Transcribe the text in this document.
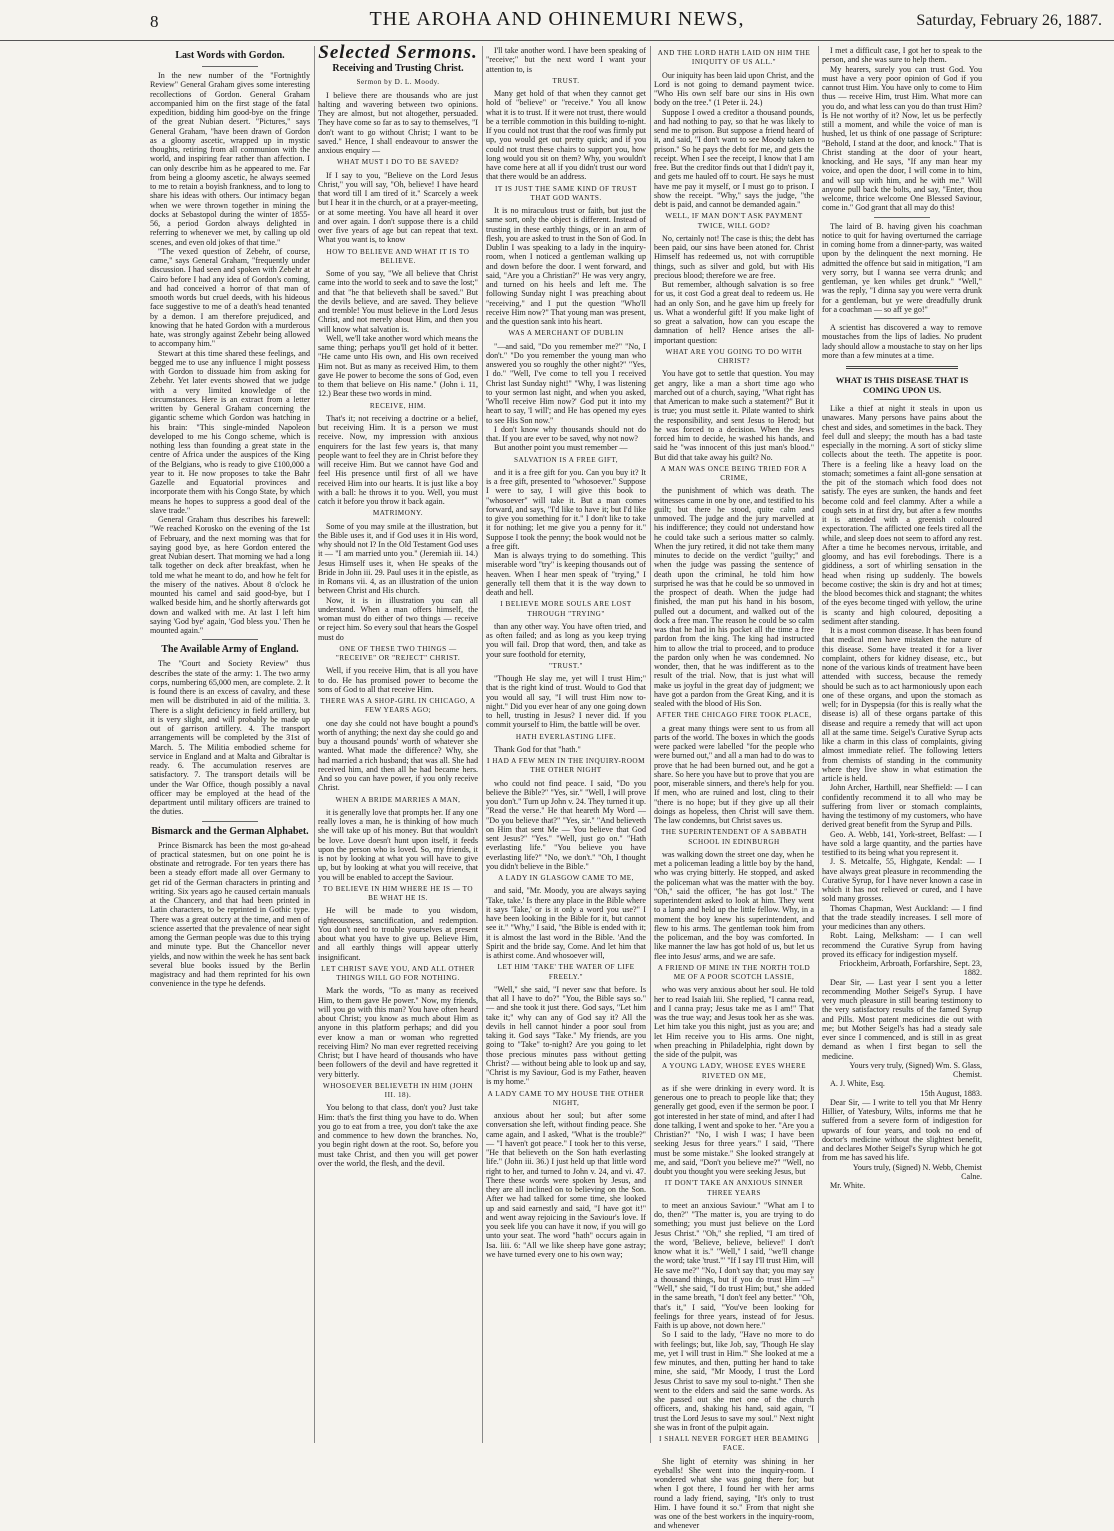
8	THE AROHA AND OHINEMURI NEWS,	Saturday, February 26, 1887.

Last Words with Gordon.

In the new number of the "Fortnightly Review" General Graham gives some interesting recollections of Gordon. General Graham accompanied him on the first stage of the fatal expedition, bidding him good-bye on the fringe of the great Nubian desert. "Pictures," says General Graham, "have been drawn of Gordon as a gloomy ascetic, wrapped up in mystic thoughts, retiring from all communion with the world, and inspiring fear rather than affection. I can only describe him as he appeared to me. Far from being a gloomy ascetic, he always seemed to me to retain a boyish frankness, and to long to share his ideas with others. Our intimacy began when we were thrown together in mining the docks at Sebastopol during the winter of 1855-56, a period Gordon always delighted in referring to whenever we met, by calling up old scenes, and even old jokes of that time."

"The vexed question of Zebehr, of course, came," says General Graham, "frequently under discussion. I had seen and spoken with Zebehr at Cairo before I had any idea of Gordon's coming, and had conceived a horror of that man of smooth words but cruel deeds, with his hideous face suggestive to me of a death's head tenanted by a demon. I am therefore prejudiced, and knowing that he hated Gordon with a murderous hate, was strongly against Zebehr being allowed to accompany him."

Stewart at this time shared these feelings, and begged me to use any influence I might possess with Gordon to dissuade him from asking for Zebehr. Yet later events showed that we judge with a very limited knowledge of the circumstances. Here is an extract from a letter written by General Graham concerning the gigantic scheme which Gordon was hatching in his brain: "This single-minded Napoleon developed to me his Congo scheme, which is nothing less than founding a great state in the centre of Africa under the auspices of the King of the Belgians, who is ready to give £100,000 a year to it. He now proposes to take the Bahr Gazelle and Equatorial provinces and incorporate them with his Congo State, by which means he hopes to suppress a good deal of the slave trade."

General Graham thus describes his farewell: "We reached Korosko on the evening of the 1st of February, and the next morning was that for saying good bye, as here Gordon entered the great Nubian desert. That morning we had a long talk together on deck after breakfast, when he told me what he meant to do, and how he felt for the misery of the natives. About 8 o'clock he mounted his camel and said good-bye, but I walked beside him, and he shortly afterwards got down and walked with me. At last I left him saying 'God bye' again, 'God bless you.' Then he mounted again."

The Available Army of England.

The "Court and Society Review" thus describes the state of the army: 1. The two army corps, numbering 65,000 men, are complete. 2. It is found there is an excess of cavalry, and these men will be distributed in aid of the militia. 3. There is a slight deficiency in field artillery, but it is very slight, and will probably be made up out of garrison artillery. 4. The transport arrangements will be completed by the 31st of March. 5. The Militia embodied scheme for service in England and at Malta and Gibraltar is ready. 6. The accumulation reserves are satisfactory. 7. The transport details will be under the War Office, though possibly a naval officer may be employed at the head of the department until military officers are trained to the duties.

Bismarck and the German Alphabet.

Prince Bismarck has been the most go-ahead of practical statesmen, but on one point he is obstinate and retrograde. For ten years there has been a steady effort made all over Germany to get rid of the German characters in printing and writing. Six years ago he caused certain manuals at the Chancery, and that had been printed in Latin characters, to be reprinted in Gothic type. There was a great outcry at the time, and men of science asserted that the prevalence of near sight among the German people was due to this trying and minute type. But the Chancellor never yields, and now within the week he has sent back several blue books issued by the Berlin magistracy and had them reprinted for his own convenience in the type he defends.

Selected Sermons.

Receiving and Trusting Christ.

Sermon by D. L. Moody.

I believe there are thousands who are just halting and wavering between two opinions. They are almost, but not altogether, persuaded. They have come so far as to say to themselves, "I don't want to go without Christ; I want to be saved." Hence, I shall endeavour to answer the anxious enquiry —

WHAT MUST I DO TO BE SAVED?

If I say to you, "Believe on the Lord Jesus Christ," you will say, "Oh, believe! I have heard that word till I am tired of it." Scarcely a week but I hear it in the church, or at a prayer-meeting, or at some meeting. You have all heard it over and over again. I don't suppose there is a child over five years of age but can repeat that text. What you want is, to know

HOW TO BELIEVE AND WHAT IT IS TO BELIEVE.

Some of you say, "We all believe that Christ came into the world to seek and to save the lost;" and that "he that believeth shall be saved." But the devils believe, and are saved. They believe and tremble! You must believe in the Lord Jesus Christ, and not merely about Him, and then you will know what salvation is.

Well, we'll take another word which means the same thing; perhaps you'll get hold of it better. "He came unto His own, and His own received Him not. But as many as received Him, to them gave He power to become the sons of God, even to them that believe on His name." (John i. 11, 12.) Bear these two words in mind.

RECEIVE, HIM.

That's it; not receiving a doctrine or a belief, but receiving Him. It is a person we must receive. Now, my impression with anxious enquirers for the last few years is, that many people want to feel they are in Christ before they will receive Him. But we cannot have God and feel His presence until first of all we have received Him into our hearts. It is just like a boy with a ball: he throws it to you. Well, you must catch it before you throw it back again.

MATRIMONY.

Some of you may smile at the illustration, but the Bible uses it, and if God uses it in His word, why should not I? In the Old Testament God uses it — "I am married unto you." (Jeremiah iii. 14.) Jesus Himself uses it, when He speaks of the Bride in John iii. 29. Paul uses it in the epistle, as in Romans vii. 4, as an illustration of the union between Christ and His church.

Now, it is in illustration you can all understand. When a man offers himself, the woman must do either of two things — receive or reject him. So every soul that hears the Gospel must do

ONE OF THESE TWO THINGS — "RECEIVE" OR "REJECT" CHRIST.

Well, if you receive Him, that is all you have to do. He has promised power to become the sons of God to all that receive Him.

THERE WAS A SHOP-GIRL IN CHICAGO, A FEW YEARS AGO;

one day she could not have bought a pound's worth of anything; the next day she could go and buy a thousand pounds' worth of whatever she wanted. What made the difference? Why, she had married a rich husband; that was all. She had received him, and then all he had became hers. And so you can have power, if you only receive Christ.

WHEN A BRIDE MARRIES A MAN,

it is generally love that prompts her. If any one really loves a man, he is thinking of how much she will take up of his money. But that wouldn't be love. Love doesn't hunt upon itself, it feeds upon the person who is loved. So, my friends, it is not by looking at what you will have to give up, but by looking at what you will receive, that you will be enabled to accept the Saviour.

TO BELIEVE IN HIM WHERE HE IS — TO BE WHAT HE IS.

He will be made to you wisdom, righteousness, sanctification, and redemption. You don't need to trouble yourselves at present about what you have to give up. Believe Him, and all earthly things will appear utterly insignificant.

LET CHRIST SAVE YOU, AND ALL OTHER THINGS WILL GO FOR NOTHING.

Mark the words, "To as many as received Him, to them gave He power." Now, my friends, will you go with this man? You have often heard about Christ; you know as much about Him as anyone in this platform perhaps; and did you ever know a man or woman who regretted receiving Him? No man ever regretted receiving Christ; but I have heard of thousands who have been followers of the devil and have regretted it very bitterly.

WHOSOEVER BELIEVETH IN HIM (JOHN III. 18).

You belong to that class, don't you? Just take Him: that's the first thing you have to do. When you go to eat from a tree, you don't take the axe and commence to hew down the branches. No, you begin right down at the root. So, before you must take Christ, and then you will get power over the world, the flesh, and the devil.

I'll take another word. I have been speaking of "receive;" but the next word I want your attention to, is

TRUST.

Many get hold of that when they cannot get hold of "believe" or "receive." You all know what it is to trust. If it were not trust, there would be a terrible commotion in this building to-night. If you could not trust that the roof was firmly put up, you would get out pretty quick; and if you could not trust these chairs to support you, how long would you sit on them? Why, you wouldn't have come here at all if you didn't trust our word that there would be an address.

IT IS JUST THE SAME KIND OF TRUST THAT GOD WANTS.

It is no miraculous trust or faith, but just the same sort, only the object is different. Instead of trusting in these earthly things, or in an arm of flesh, you are asked to trust in the Son of God. In Dublin I was speaking to a lady in the inquiry-room, when I noticed a gentleman walking up and down before the door. I went forward, and said, "Are you a Christian?" He was very angry, and turned on his heels and left me. The following Sunday night I was preaching about "receiving," and I put the question "Who'll receive Him now?" That young man was present, and the question sank into his heart.

WAS A MERCHANT OF DUBLIN

"—and said, "Do you remember me?" "No, I don't." "Do you remember the young man who answered you so roughly the other night?" "Yes, I do." "Well, I've come to tell you I received Christ last Sunday night!" "Why, I was listening to your sermon last night, and when you asked, 'Who'll receive Him now?' God put it into my heart to say, 'I will'; and He has opened my eyes to see His Son now."

I don't know why thousands should not do that. If you are ever to be saved, why not now?

But another point you must remember —

SALVATION IS A FREE GIFT,

and it is a free gift for you. Can you buy it? It is a free gift, presented to "whosoever." Suppose I were to say, I will give this book to "whosoever" will take it. But a man comes forward, and says, "I'd like to have it; but I'd like to give you something for it." I don't like to take it for nothing; let me give you a penny for it." Suppose I took the penny; the book would not be a free gift.

Man is always trying to do something. This miserable word "try" is keeping thousands out of heaven. When I hear men speak of "trying," I generally tell them that it is the way down to death and hell.

I BELIEVE MORE SOULS ARE LOST THROUGH "TRYING"

than any other way. You have often tried, and as often failed; and as long as you keep trying you will fail. Drop that word, then, and take as your sure foothold for eternity,

"TRUST."

"Though He slay me, yet will I trust Him;" that is the right kind of trust. Would to God that you would all say, "I will trust Him now to-night." Did you ever hear of any one going down to hell, trusting in Jesus? I never did. If you commit yourself to Him, the battle will be over.

HATH EVERLASTING LIFE.

Thank God for that "hath."

I HAD A FEW MEN IN THE INQUIRY-ROOM THE OTHER NIGHT

who could not find peace. I said, "Do you believe the Bible?" "Yes, sir." "Well, I will prove you don't." Turn up John v. 24. They turned it up. "Read the verse." He that heareth My Word — "Do you believe that?" "Yes, sir." "And believeth on Him that sent Me — You believe that God sent Jesus?" "Yes." "Well, just go on." "Hath everlasting life." "You believe you have everlasting life?" "No, we don't." "Oh, I thought you didn't believe in the Bible."

A LADY IN GLASGOW CAME TO ME,

and said, "Mr. Moody, you are always saying 'Take, take.' Is there any place in the Bible where it says 'Take,' or is it only a word you use?" I have been looking in the Bible for it, but cannot see it." "Why," I said, "the Bible is ended with it; it is almost the last word in the Bible. 'And the Spirit and the bride say, Come. And let him that is athirst come. And whosoever will,

LET HIM 'TAKE' THE WATER OF LIFE FREELY."

"Well," she said, "I never saw that before. Is that all I have to do?" "You, the Bible says so." — and she took it just there. God says, "Let him take it;" why can any of God say it? All the devils in hell cannot hinder a poor soul from taking it. God says "Take." My friends, are you going to "Take" to-night? Are you going to let those precious minutes pass without getting Christ? — without being able to look up and say, "Christ is my Saviour, God is my Father, heaven is my home."

A LADY CAME TO MY HOUSE THE OTHER NIGHT,

anxious about her soul; but after some conversation she left, without finding peace. She came again, and I asked, "What is the trouble?" — "I haven't got peace." I took her to this verse, "He that believeth on the Son hath everlasting life." (John iii. 36.) I just held up that little word right to her, and turned to John v. 24, and vi. 47. There these words were spoken by Jesus, and they are all inclined on to believing on the Son. After we had talked for some time, she looked up and said earnestly and said, "I have got it!" and went away rejoicing in the Saviour's love. If you seek life you can have it now, if you will go unto your seat. The word "hath" occurs again in Isa. liii. 6: "All we like sheep have gone astray; we have turned every one to his own way;

AND THE LORD HATH LAID ON HIM THE INIQUITY OF US ALL."

Our iniquity has been laid upon Christ, and the Lord is not going to demand payment twice. "Who His own self bare our sins in His own body on the tree." (1 Peter ii. 24.)

Suppose I owed a creditor a thousand pounds, and had nothing to pay, so that he was likely to send me to prison. But suppose a friend heard of it, and said, "I don't want to see Moody taken to prison." So he pays the debt for me, and gets the receipt. When I see the receipt, I know that I am free. But the creditor finds out that I didn't pay it, and gets me hauled off to court. He says he must have me pay it myself, or I must go to prison. I show the receipt. "Why," says the judge, "the debt is paid, and cannot be demanded again."

WELL, IF MAN DON'T ASK PAYMENT TWICE, WILL GOD?

No, certainly not! The case is this; the debt has been paid, our sins have been atoned for. Christ Himself has redeemed us, not with corruptible things, such as silver and gold, but with His precious blood; therefore we are free.

But remember, although salvation is so free for us, it cost God a great deal to redeem us. He had an only Son, and he gave him up freely for us. What a wonderful gift! If you make light of so great a salvation, how can you escape the damnation of hell? Hence arises the all-important question:

WHAT ARE YOU GOING TO DO WITH CHRIST?

You have got to settle that question. You may get angry, like a man a short time ago who marched out of a church, saying, "What right has that American to make such a statement?" But it is true; you must settle it. Pilate wanted to shirk the responsibility, and sent Jesus to Herod; but he was forced to a decision. When the Jews forced him to decide, he washed his hands, and said he "was innocent of this just man's blood." But did that take away his guilt? No.

A MAN WAS ONCE BEING TRIED FOR A CRIME,

the punishment of which was death. The witnesses came in one by one, and testified to his guilt; but there he stood, quite calm and unmoved. The judge and the jury marvelled at his indifference; they could not understand how he could take such a serious matter so calmly. When the jury retired, it did not take them many minutes to decide on the verdict "guilty;" and when the judge was passing the sentence of death upon the criminal, he told him how surprised he was that he could be so unmoved in the prospect of death. When the judge had finished, the man put his hand in his bosom, pulled out a document, and walked out of the dock a free man. The reason he could be so calm was that he had in his pocket all the time a free pardon from the king. The king had instructed him to allow the trial to proceed, and to produce the pardon only when he was condemned. No wonder, then, that he was indifferent as to the result of the trial. Now, that is just what will make us joyful in the great day of judgment; we have got a pardon from the Great King, and it is sealed with the blood of His Son.

AFTER THE CHICAGO FIRE TOOK PLACE,

a great many things were sent to us from all parts of the world. The boxes in which the goods were packed were labelled "for the people who were burned out," and all a man had to do was to prove that he had been burned out, and he got a share. So here you have but to prove that you are poor, miserable sinners, and there's help for you. If men, who are ruined and lost, cling to their "there is no hope; but if they give up all their doings as hopeless, then Christ will save them. The law condemns, but Christ saves us.

THE SUPERINTENDENT OF A SABBATH SCHOOL IN EDINBURGH

was walking down the street one day, when he met a policeman leading a little boy by the hand, who was crying bitterly. He stopped, and asked the policeman what was the matter with the boy. "Oh," said the officer, "he has got lost." The superintendent asked to look at him. They went to a lamp and held up the little fellow. Why, in a moment the boy knew his superintendent, and flew to his arms. The gentleman took him from the policeman, and the boy was comforted. In like manner the law has got hold of us, but let us flee into Jesus' arms, and we are safe.

A FRIEND OF MINE IN THE NORTH TOLD ME OF A POOR SCOTCH LASSIE,

who was very anxious about her soul. He told her to read Isaiah liii. She replied, "I canna read, and I canna pray; Jesus take me as I am!" That was the true way; and Jesus took her as she was. Let him take you this night, just as you are; and let Him receive you to His arms. One night, when preaching in Philadelphia, right down by the side of the pulpit, was

A YOUNG LADY, WHOSE EYES WHERE RIVETED ON ME,

as if she were drinking in every word. It is generous one to preach to people like that; they generally get good, even if the sermon be poor. I got interested in her state of mind, and after I had done talking, I went and spoke to her. "Are you a Christian?" "No, I wish I was; I have been seeking Jesus for three years." I said, "There must be some mistake." She looked strangely at me, and said, "Don't you believe me?" "Well, no doubt you thought you were seeking Jesus, but

IT DON'T TAKE AN ANXIOUS SINNER THREE YEARS

to meet an anxious Saviour." "What am I to do, then?" "The matter is, you are trying to do something; you must just believe on the Lord Jesus Christ." "Oh," she replied, "I am tired of the word, 'Believe, believe, believe!' I don't know what it is." "Well," I said, "we'll change the word; take 'trust.'" "If I say I'll trust Him, will He save me?" "No, I don't say that; you may say a thousand things, but if you do trust Him —" "Well," she said, "I do trust Him; but," she added in the same breath, "I don't feel any better." "Oh, that's it," I said, "You've been looking for feelings for three years, instead of for Jesus. Faith is up above, not down here."

So I said to the lady, "Have no more to do with feelings; but, like Job, say, 'Though He slay me, yet I will trust in Him.'" She looked at me a few minutes, and then, putting her hand to take mine, she said, "Mr Moody, I trust the Lord Jesus Christ to save my soul to-night." Then she went to the elders and said the same words. As she passed out she met one of the church officers, and, shaking his hand, said again, "I trust the Lord Jesus to save my soul." Next night she was in front of the pulpit again.

I SHALL NEVER FORGET HER BEAMING FACE.

She light of eternity was shining in her eyeballs! She went into the inquiry-room. I wondered what she was going there for; but when I got there, I found her with her arms round a lady friend, saying, "It's only to trust Him. I have found it so." From that night she was one of the best workers in the inquiry-room, and whenever

I met a difficult case, I got her to speak to the person, and she was sure to help them.

My hearers, surely you can trust God. You must have a very poor opinion of God if you cannot trust Him. You have only to come to Him thus — receive Him, trust Him. What more can you do, and what less can you do than trust Him? Is He not worthy of it? Now, let us be perfectly still a moment, and while the voice of man is hushed, let us think of one passage of Scripture: "Behold, I stand at the door, and knock." That is Christ standing at the door of your heart, knocking, and He says, "If any man hear my voice, and open the door, I will come in to him, and will sup with him, and he with me." Will anyone pull back the bolts, and say, "Enter, thou welcome, thrice welcome One Blessed Saviour, come in." God grant that all may do this!

The laird of B. having given his coachman notice to quit for having overturned the carriage in coming home from a dinner-party, was waited upon by the delinquent the next morning. He admitted the offence but said in mitigation, "I am very sorry, but I wanna see verra drunk; and gentleman, ye ken whiles get drunk." "Well," was the reply, "I dinna say you were verra drunk for a gentleman, but ye were dreadfully drunk for a coachman — so aff ye go!"

A scientist has discovered a way to remove moustaches from the lips of ladies. No prudent lady should allow a moustache to stay on her lips more than a few minutes at a time.

WHAT IS THIS DISEASE THAT IS COMING UPON US.

Like a thief at night it steals in upon us unawares. Many persons have pains about the chest and sides, and sometimes in the back. They feel dull and sleepy; the mouth has a bad taste especially in the morning. A sort of sticky slime collects about the teeth. The appetite is poor. There is a feeling like a heavy load on the stomach; sometimes a faint all-gone sensation at the pit of the stomach which food does not satisfy. The eyes are sunken, the hands and feet become cold and feel clammy. After a while a cough sets in at first dry, but after a few months it is attended with a greenish coloured expectoration. The afflicted one feels tired all the while, and sleep does not seem to afford any rest. After a time he becomes nervous, irritable, and gloomy, and has evil forebodings. There is a giddiness, a sort of whirling sensation in the head when rising up suddenly. The bowels become costive; the skin is dry and hot at times; the blood becomes thick and stagnant; the whites of the eyes become tinged with yellow, the urine is scanty and high coloured, depositing a sediment after standing.

It is a most common disease. It has been found that medical men have mistaken the nature of this disease. Some have treated it for a liver complaint, others for kidney disease, etc., but none of the various kinds of treatment have been attended with success, because the remedy should be such as to act harmoniously upon each one of these organs, and upon the stomach as well; for in Dyspepsia (for this is really what the disease is) all of these organs partake of this disease and require a remedy that will act upon all at the same time. Seigel's Curative Syrup acts like a charm in this class of complaints, giving almost immediate relief. The following letters from chemists of standing in the community where they live show in what estimation the article is held.

John Archer, Harthill, near Sheffield: — I can confidently recommend it to all who may be suffering from liver or stomach complaints, having the testimony of my customers, who have derived great benefit from the Syrup and Pills.

Geo. A. Webb, 141, York-street, Belfast: — I have sold a large quantity, and the parties have testified to its being what you represent it.

J. S. Metcalfe, 55, Highgate, Kendal: — I have always great pleasure in recommending the Curative Syrup, for I have never known a case in which it has not relieved or cured, and I have sold many grosses.

Thomas Chapman, West Auckland: — I find that the trade steadily increases. I sell more of your medicines than any others.

Robt. Laing, Melksham: — I can well recommend the Curative Syrup from having proved its efficacy for indigestion myself.

Friockheim, Arbroath, Forfarshire, Sept. 23, 1882.

Dear Sir, — Last year I sent you a letter recommending Mother Seigel's Syrup. I have very much pleasure in still bearing testimony to the very satisfactory results of the famed Syrup and Pills. Most patent medicines die out with me; but Mother Seigel's has had a steady sale ever since I commenced, and is still in as great demand as when I first began to sell the medicine.

Yours very truly, (Signed) Wm. S. Glass, Chemist.

A. J. White, Esq.

15th August, 1883.

Dear Sir, — I write to tell you that Mr Henry Hillier, of Yatesbury, Wilts, informs me that he suffered from a severe form of indigestion for upwards of four years, and took no end of doctor's medicine without the slightest benefit, and declares Mother Seigel's Syrup which he got from me has saved his life.

Yours truly, (Signed) N. Webb, Chemist Calne.

Mr. White.
